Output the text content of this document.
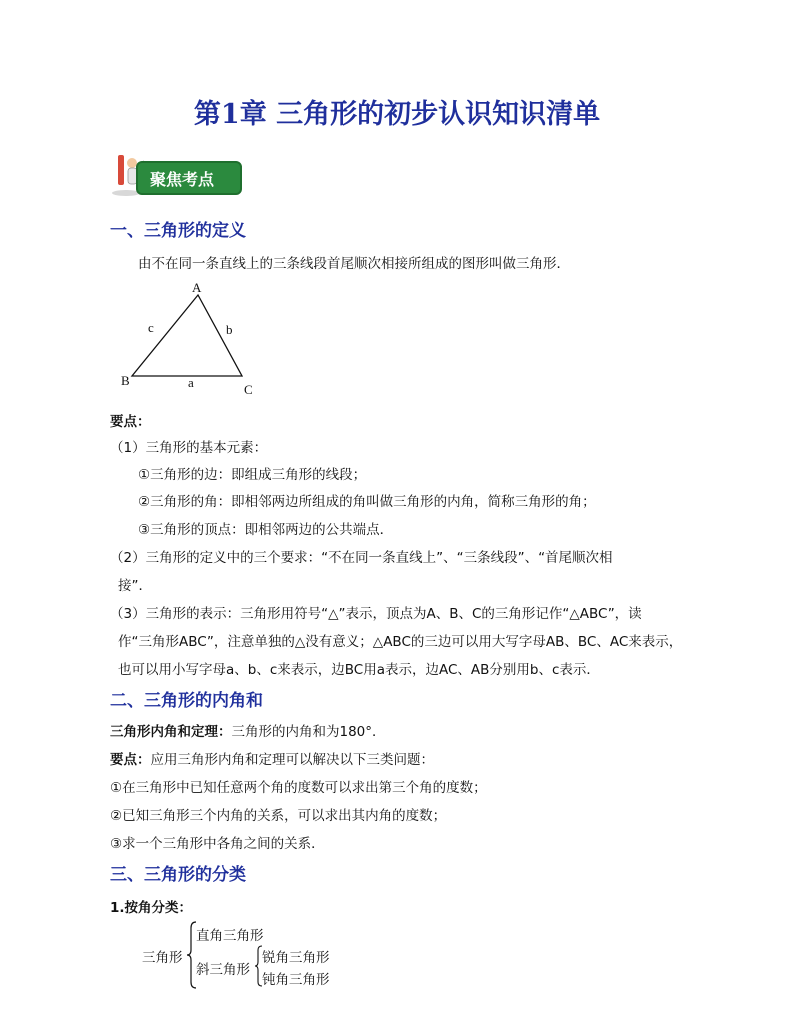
第1章 三角形的初步认识知识清单
聚焦考点
一、三角形的定义
由不在同一条直线上的三条线段首尾顺次相接所组成的图形叫做三角形．
A
B
C
a
b
c
要点：
（1）三角形的基本元素：
①三角形的边：即组成三角形的线段；
②三角形的角：即相邻两边所组成的角叫做三角形的内角，简称三角形的角；
③三角形的顶点：即相邻两边的公共端点．
（2）三角形的定义中的三个要求：“不在同一条直线上”、“三条线段”、“首尾顺次相
接”．
（3）三角形的表示：三角形用符号“△”表示，顶点为A、B、C的三角形记作“△ABC”，读
作“三角形ABC”，注意单独的△没有意义；△ABC的三边可以用大写字母AB、BC、AC来表示，
也可以用小写字母a、b、c来表示，边BC用a表示，边AC、AB分别用b、c表示．
二、三角形的内角和
三角形内角和定理：三角形的内角和为180°．
要点：应用三角形内角和定理可以解决以下三类问题：
①在三角形中已知任意两个角的度数可以求出第三个角的度数；
②已知三角形三个内角的关系，可以求出其内角的度数；
③求一个三角形中各角之间的关系．
三、三角形的分类
1.按角分类：
三角形
直角三角形
斜三角形
锐角三角形
钝角三角形
